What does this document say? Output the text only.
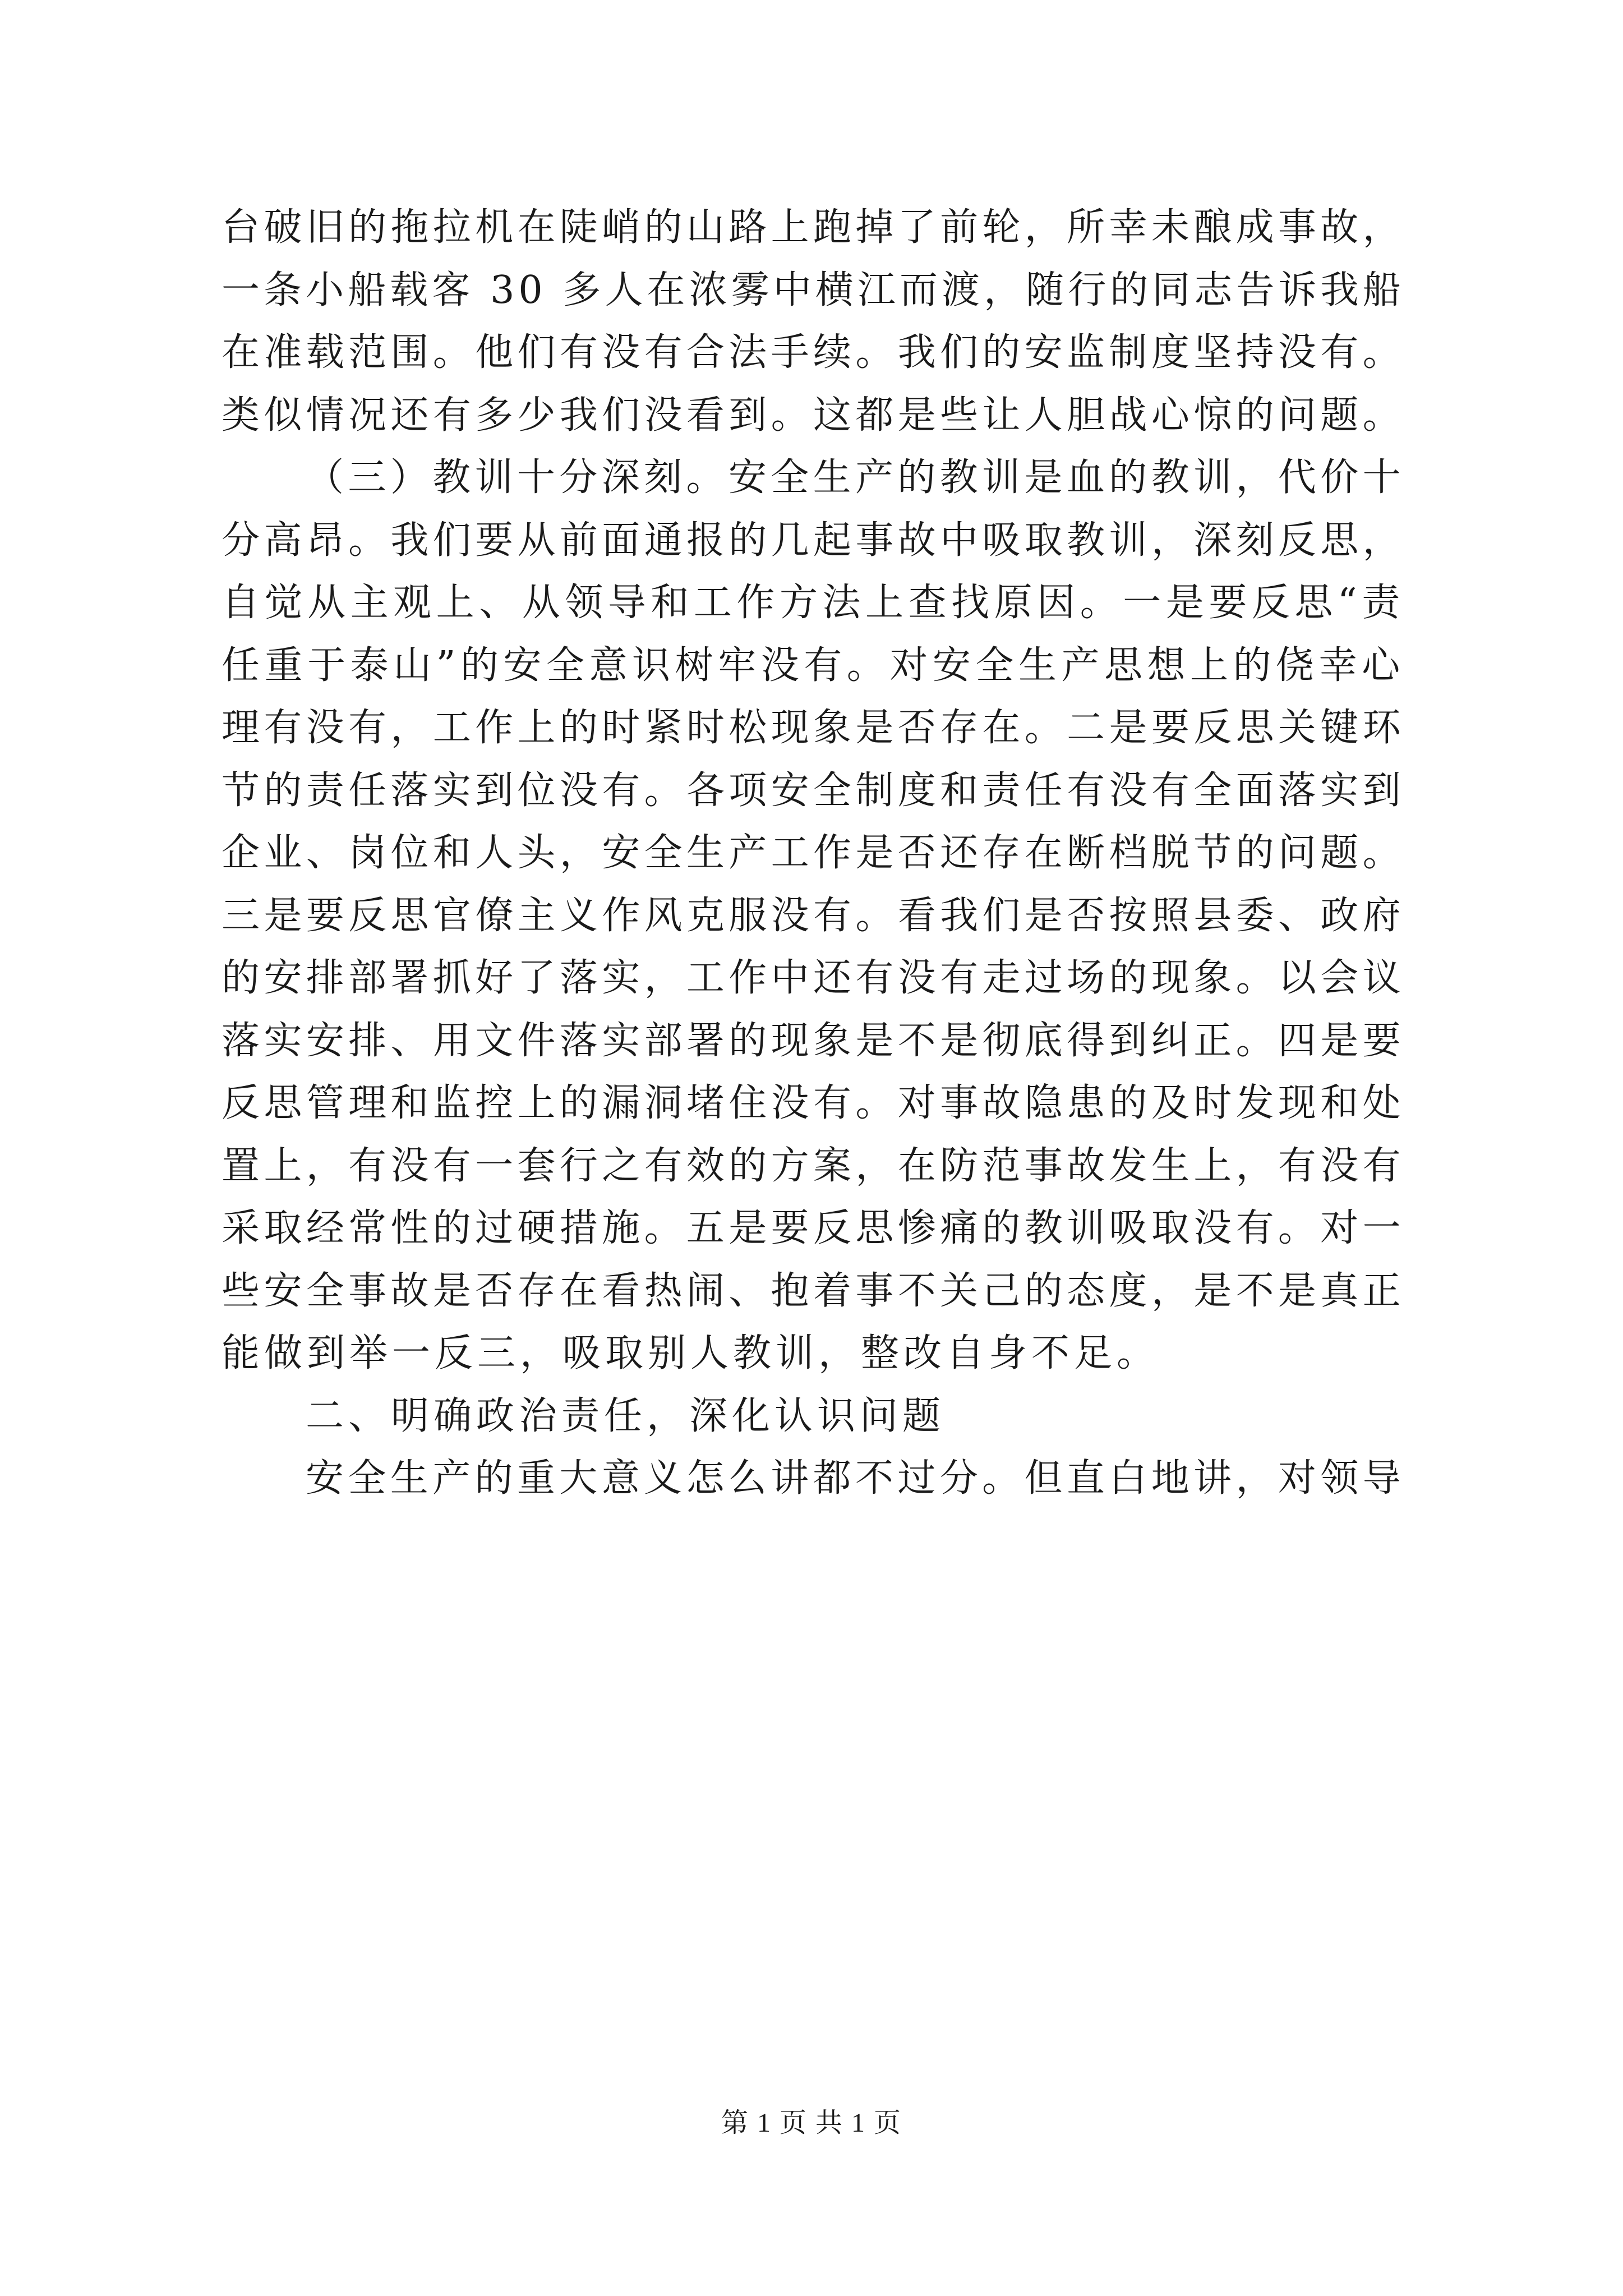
台破旧的拖拉机在陡峭的山路上跑掉了前轮，所幸未酿成事故，
一条小船载客 30 多人在浓雾中横江而渡，随行的同志告诉我船
在准载范围。他们有没有合法手续。我们的安监制度坚持没有。
类似情况还有多少我们没看到。这都是些让人胆战心惊的问题。
（三）教训十分深刻。安全生产的教训是血的教训，代价十
分高昂。我们要从前面通报的几起事故中吸取教训，深刻反思，
自觉从主观上、从领导和工作方法上查找原因。一是要反思“责
任重于泰山”的安全意识树牢没有。对安全生产思想上的侥幸心
理有没有，工作上的时紧时松现象是否存在。二是要反思关键环
节的责任落实到位没有。各项安全制度和责任有没有全面落实到
企业、岗位和人头，安全生产工作是否还存在断档脱节的问题。
三是要反思官僚主义作风克服没有。看我们是否按照县委、政府
的安排部署抓好了落实，工作中还有没有走过场的现象。以会议
落实安排、用文件落实部署的现象是不是彻底得到纠正。四是要
反思管理和监控上的漏洞堵住没有。对事故隐患的及时发现和处
置上，有没有一套行之有效的方案，在防范事故发生上，有没有
采取经常性的过硬措施。五是要反思惨痛的教训吸取没有。对一
些安全事故是否存在看热闹、抱着事不关己的态度，是不是真正
能做到举一反三，吸取别人教训，整改自身不足。
二、明确政治责任，深化认识问题
安全生产的重大意义怎么讲都不过分。但直白地讲，对领导
第 1 页 共 1 页
